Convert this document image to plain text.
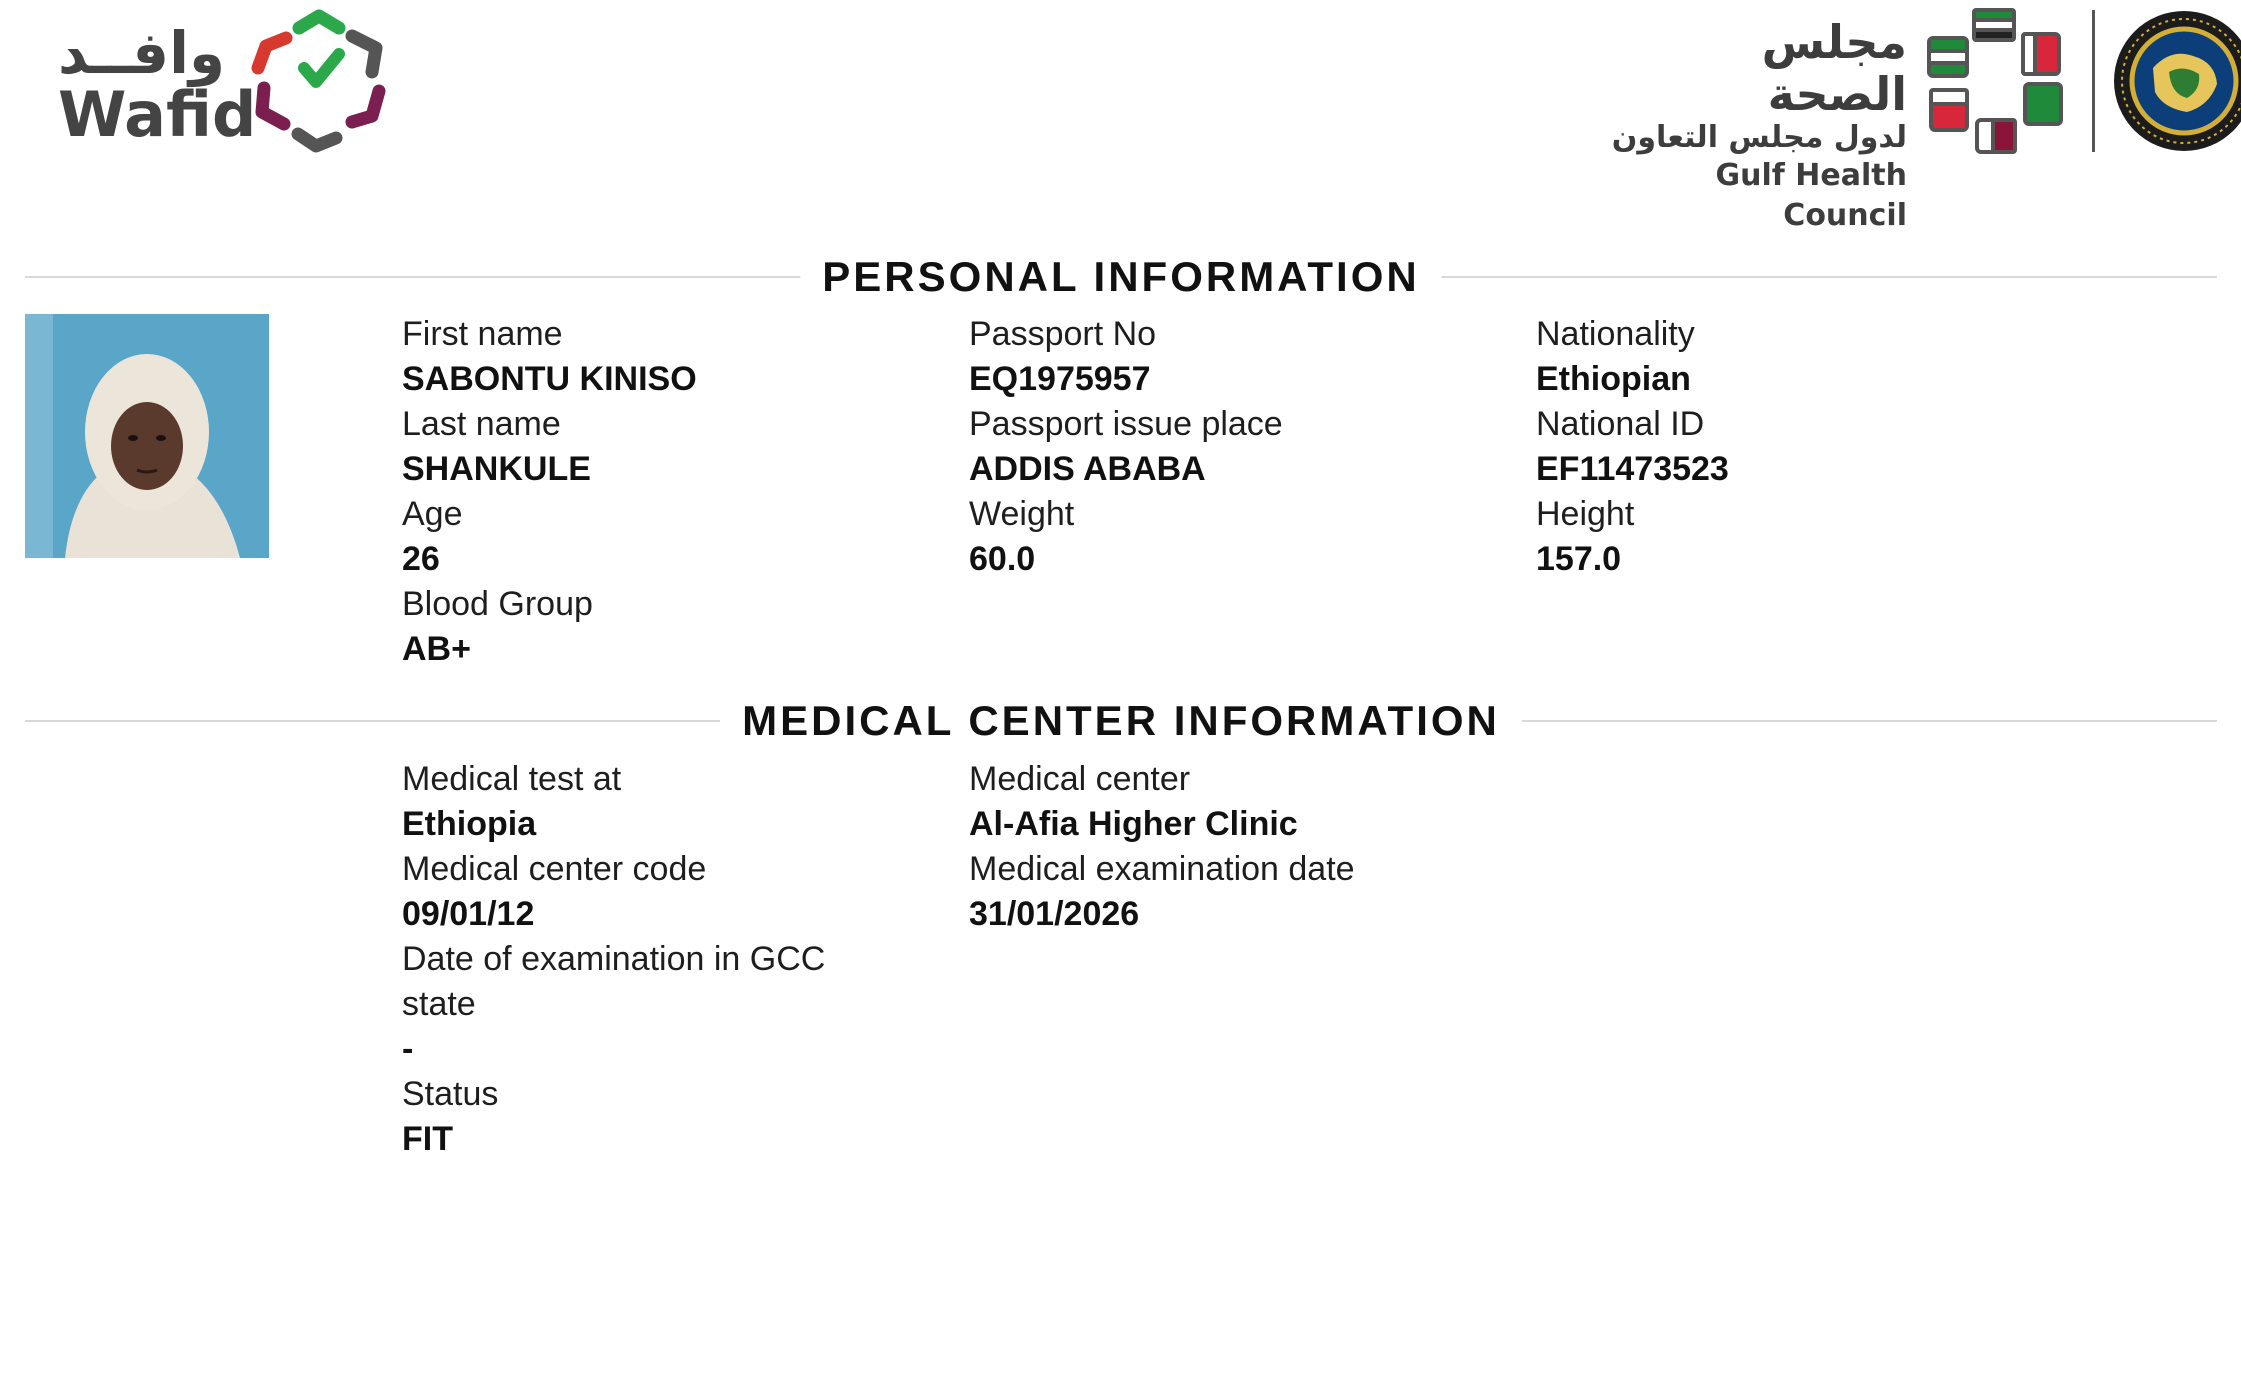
وافــد
Wafid
مجلس الصحة
لدول مجلس التعاون
Gulf Health Council
PERSONAL INFORMATION
First name
SABONTU KINISO
Last name
SHANKULE
Age
26
Blood Group
AB+
Passport No
EQ1975957
Passport issue place
ADDIS ABABA
Weight
60.0
Nationality
Ethiopian
National ID
EF11473523
Height
157.0
MEDICAL CENTER INFORMATION
Medical test at
Ethiopia
Medical center code
09/01/12
Date of examination in GCC state
-
Status
FIT
Medical center
Al-Afia Higher Clinic
Medical examination date
31/01/2026
